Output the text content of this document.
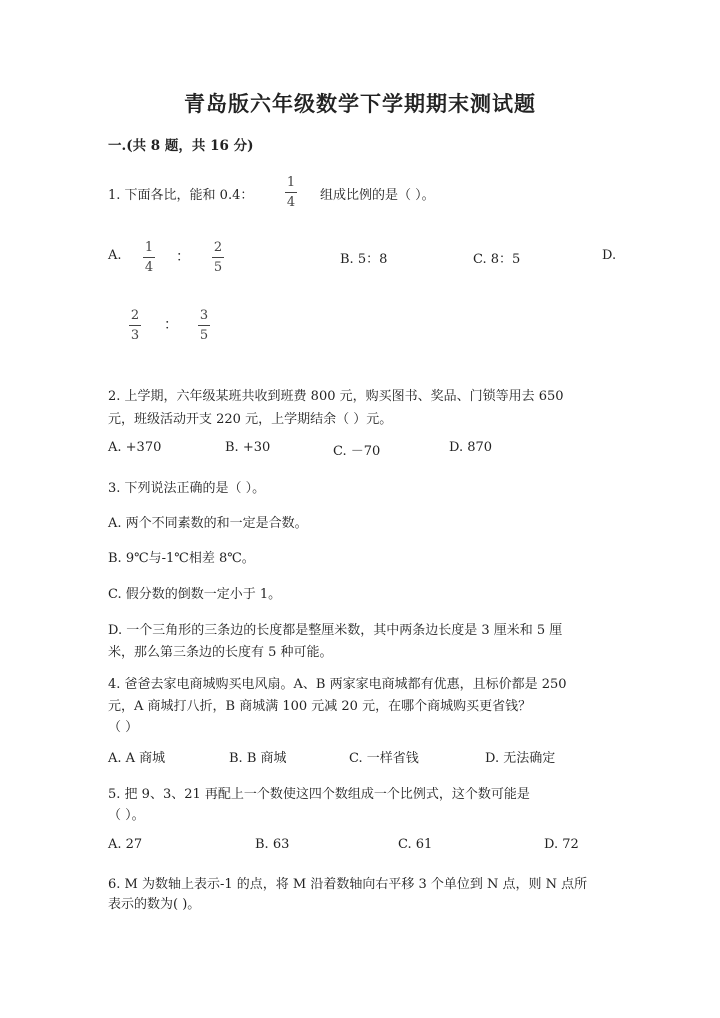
青岛版六年级数学下学期期末测试题
一.(共 8 题，共 16 分)
1. 下面各比，能和 0.4：
1
4 组成比例的是（ ）。
A.
1
4
：
2
5
B. 5：8	C. 8：5	D.
2
3
：
3
5
2. 上学期，六年级某班共收到班费 800 元，购买图书、奖品、门锁等用去 650
元，班级活动开支 220 元，上学期结余（ ）元。
A. +370	B. +30	C. －70	D. 870
3. 下列说法正确的是（ ）。
A. 两个不同素数的和一定是合数。
B. 9℃与-1℃相差 8℃。
C. 假分数的倒数一定小于 1。
D. 一个三角形的三条边的长度都是整厘米数，其中两条边长度是 3 厘米和 5 厘
米，那么第三条边的长度有 5 种可能。
4. 爸爸去家电商城购买电风扇。A、B 两家家电商城都有优惠，且标价都是 250
元，A 商城打八折，B 商城满 100 元减 20 元，在哪个商城购买更省钱？
（ ）
A. A 商城	B. B 商城	C. 一样省钱	D. 无法确定
5. 把 9、3、21 再配上一个数使这四个数组成一个比例式，这个数可能是
（ ）。
A. 27	B. 63	C. 61	D. 72
6. M 为数轴上表示-1 的点，将 M 沿着数轴向右平移 3 个单位到 N 点，则 N 点所
表示的数为( )。
